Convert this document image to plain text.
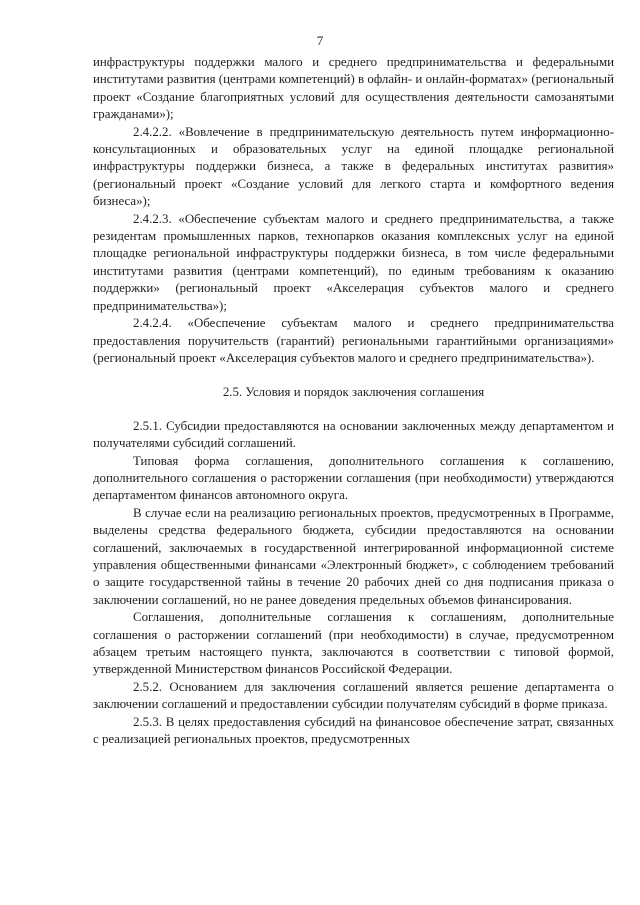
7

инфраструктуры поддержки малого и среднего предпринимательства и федеральными институтами развития (центрами компетенций) в офлайн- и онлайн-форматах» (региональный проект «Создание благоприятных условий для осуществления деятельности самозанятыми гражданами»);

2.4.2.2. «Вовлечение в предпринимательскую деятельность путем информационно-консультационных и образовательных услуг на единой площадке региональной инфраструктуры поддержки бизнеса, а также в федеральных институтах развития» (региональный проект «Создание условий для легкого старта и комфортного ведения бизнеса»);

2.4.2.3. «Обеспечение субъектам малого и среднего предпринимательства, а также резидентам промышленных парков, технопарков оказания комплексных услуг на единой площадке региональной инфраструктуры поддержки бизнеса, в том числе федеральными институтами развития (центрами компетенций), по единым требованиям к оказанию поддержки» (региональный проект «Акселерация субъектов малого и среднего предпринимательства»);

2.4.2.4. «Обеспечение субъектам малого и среднего предпринимательства предоставления поручительств (гарантий) региональными гарантийными организациями» (региональный проект «Акселерация субъектов малого и среднего предпринимательства»).

2.5. Условия и порядок заключения соглашения

2.5.1. Субсидии предоставляются на основании заключенных между департаментом и получателями субсидий соглашений.

Типовая форма соглашения, дополнительного соглашения к соглашению, дополнительного соглашения о расторжении соглашения (при необходимости) утверждаются департаментом финансов автономного округа.

В случае если на реализацию региональных проектов, предусмотренных в Программе, выделены средства федерального бюджета, субсидии предоставляются на основании соглашений, заключаемых в государственной интегрированной информационной системе управления общественными финансами «Электронный бюджет», с соблюдением требований о защите государственной тайны в течение 20 рабочих дней со дня подписания приказа о заключении соглашений, но не ранее доведения предельных объемов финансирования.

Соглашения, дополнительные соглашения к соглашениям, дополнительные соглашения о расторжении соглашений (при необходимости) в случае, предусмотренном абзацем третьим настоящего пункта, заключаются в соответствии с типовой формой, утвержденной Министерством финансов Российской Федерации.

2.5.2. Основанием для заключения соглашений является решение департамента о заключении соглашений и предоставлении субсидии получателям субсидий в форме приказа.

2.5.3. В целях предоставления субсидий на финансовое обеспечение затрат, связанных с реализацией региональных проектов, предусмотренных
